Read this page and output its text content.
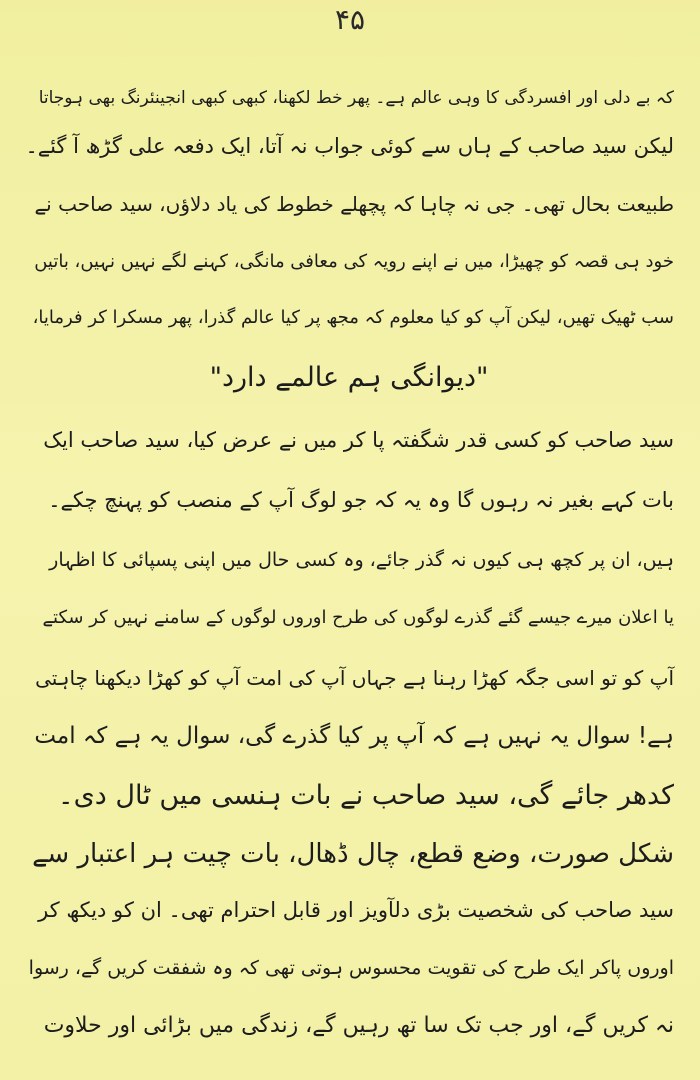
۴۵
کہ بے دلی اور افسردگی کا وہی عالم ہے۔ پھر خط لکھنا، کبھی کبھی انجینئرنگ بھی ہوجاتا
لیکن سید صاحب کے ہاں سے کوئی جواب نہ آتا، ایک دفعہ علی گڑھ آ گئے۔
طبیعت بحال تھی۔ جی نہ چاہا کہ پچھلے خطوط کی یاد دلاؤں، سید صاحب نے
خود ہی قصہ کو چھیڑا، میں نے اپنے رویہ کی معافی مانگی، کہنے لگے نہیں نہیں، باتیں
سب ٹھیک تھیں، لیکن آپ کو کیا معلوم کہ مجھ پر کیا عالم گذرا، پھر مسکرا کر فرمایا،
"دیوانگی ہم عالمے دارد"
سید صاحب کو کسی قدر شگفتہ پا کر میں نے عرض کیا، سید صاحب ایک
بات کہے بغیر نہ رہوں گا وہ یہ کہ جو لوگ آپ کے منصب کو پہنچ چکے۔
ہیں، ان پر کچھ ہی کیوں نہ گذر جائے، وہ کسی حال میں اپنی پسپائی کا اظہار
یا اعلان میرے جیسے گئے گذرے لوگوں کی طرح اوروں لوگوں کے سامنے نہیں کر سکتے
آپ کو تو اسی جگہ کھڑا رہنا ہے جہاں آپ کی امت آپ کو کھڑا دیکھنا چاہتی
ہے! سوال یہ نہیں ہے کہ آپ پر کیا گذرے گی، سوال یہ ہے کہ امت
کدھر جائے گی، سید صاحب نے بات ہنسی میں ٹال دی۔
شکل صورت، وضع قطع، چال ڈھال، بات چیت ہر اعتبار سے
سید صاحب کی شخصیت بڑی دلآویز اور قابل احترام تھی۔ ان کو دیکھ کر
اوروں پاکر ایک طرح کی تقویت محسوس ہوتی تھی کہ وہ شفقت کریں گے، رسوا
نہ کریں گے، اور جب تک سا تھ رہیں گے، زندگی میں بڑائی اور حلاوت
